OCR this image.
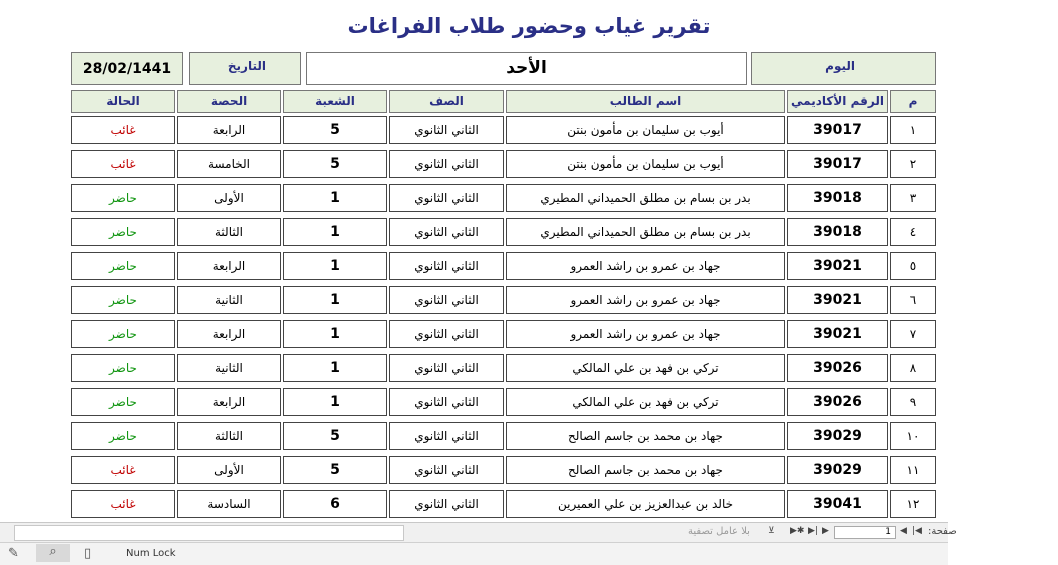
تقرير غياب وحضور طلاب الفراغات
28/02/1441	التاريخ	الأحد	اليوم
الحالة	الحصة	الشعبة	الصف	اسم الطالب	الرقم الأكاديمي	م
غائب	الرابعة	5	الثاني الثانوي	أيوب بن سليمان بن مأمون بنتن	39017	١
غائب	الخامسة	5	الثاني الثانوي	أيوب بن سليمان بن مأمون بنتن	39017	٢
حاضر	الأولى	1	الثاني الثانوي	بدر بن بسام بن مطلق الحميداني المطيري	39018	٣
حاضر	الثالثة	1	الثاني الثانوي	بدر بن بسام بن مطلق الحميداني المطيري	39018	٤
حاضر	الرابعة	1	الثاني الثانوي	جهاد بن عمرو بن راشد العمرو	39021	٥
حاضر	الثانية	1	الثاني الثانوي	جهاد بن عمرو بن راشد العمرو	39021	٦
حاضر	الرابعة	1	الثاني الثانوي	جهاد بن عمرو بن راشد العمرو	39021	٧
حاضر	الثانية	1	الثاني الثانوي	تركي بن فهد بن علي المالكي	39026	٨
حاضر	الرابعة	1	الثاني الثانوي	تركي بن فهد بن علي المالكي	39026	٩
حاضر	الثالثة	5	الثاني الثانوي	جهاد بن محمد بن جاسم الصالح	39029	١٠
غائب	الأولى	5	الثاني الثانوي	جهاد بن محمد بن جاسم الصالح	39029	١١
غائب	السادسة	6	الثاني الثانوي	خالد بن عبدالعزيز بن علي العميرين	39041	١٢
بلا عامل تصفية ⊻ ▶✱ ▶| ▶	1	◀ |◀ صفحة:
✎	⌕	▯	Num Lock
